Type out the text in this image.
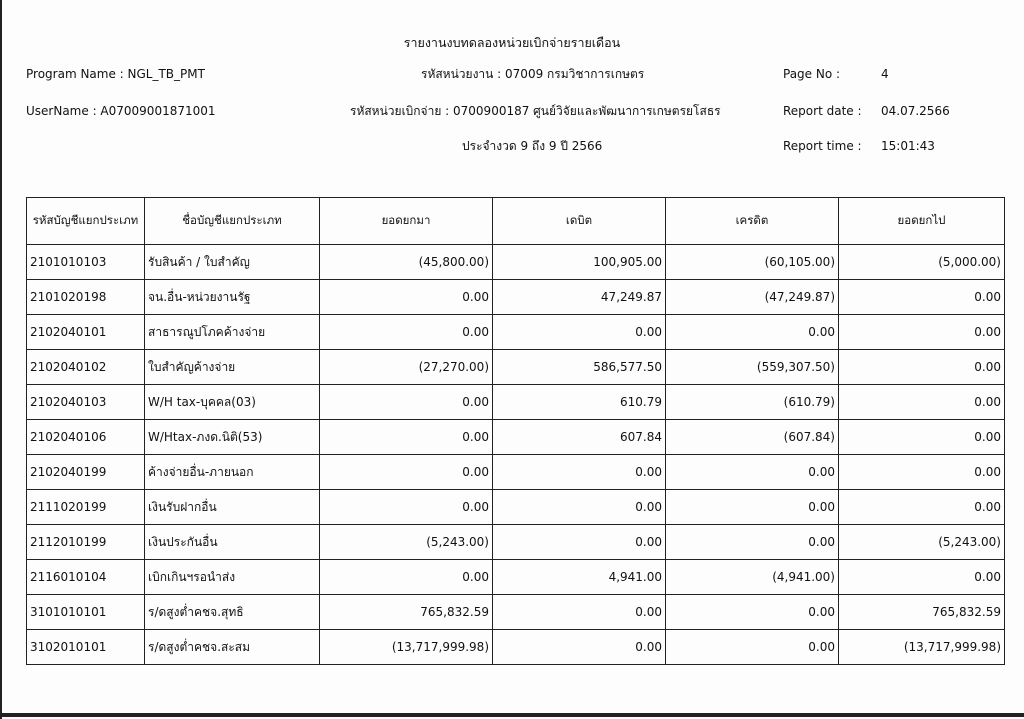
รายงานงบทดลองหน่วยเบิกจ่ายรายเดือน
Program Name : NGL_TB_PMT
UserName : A07009001871001
รหัสหน่วยงาน : 07009 กรมวิชาการเกษตร
รหัสหน่วยเบิกจ่าย : 0700900187 ศูนย์วิจัยและพัฒนาการเกษตรยโสธร
ประจำงวด 9 ถึง 9 ปี 2566
Page No :	4
Report date : 04.07.2566
Report time : 15:01:43
รหัสบัญชีแยกประเภท	ชื่อบัญชีแยกประเภท	ยอดยกมา	เดบิต	เครดิต	ยอดยกไป
2101010103	รับสินค้า / ใบสำคัญ	(45,800.00)	100,905.00	(60,105.00)	(5,000.00)
2101020198	จน.อื่น-หน่วยงานรัฐ	0.00	47,249.87	(47,249.87)	0.00
2102040101	สาธารณูปโภคค้างจ่าย	0.00	0.00	0.00	0.00
2102040102	ใบสำคัญค้างจ่าย	(27,270.00)	586,577.50	(559,307.50)	0.00
2102040103	W/H tax-บุคคล(03)	0.00	610.79	(610.79)	0.00
2102040106	W/Htax-ภงด.นิติ(53)	0.00	607.84	(607.84)	0.00
2102040199	ค้างจ่ายอื่น-ภายนอก	0.00	0.00	0.00	0.00
2111020199	เงินรับฝากอื่น	0.00	0.00	0.00	0.00
2112010199	เงินประกันอื่น	(5,243.00)	0.00	0.00	(5,243.00)
2116010104	เบิกเกินฯรอนำส่ง	0.00	4,941.00	(4,941.00)	0.00
3101010101	ร/ดสูงต่ำคชจ.สุทธิ	765,832.59	0.00	0.00	765,832.59
3102010101	ร/ดสูงต่ำคชจ.สะสม	(13,717,999.98)	0.00	0.00	(13,717,999.98)
